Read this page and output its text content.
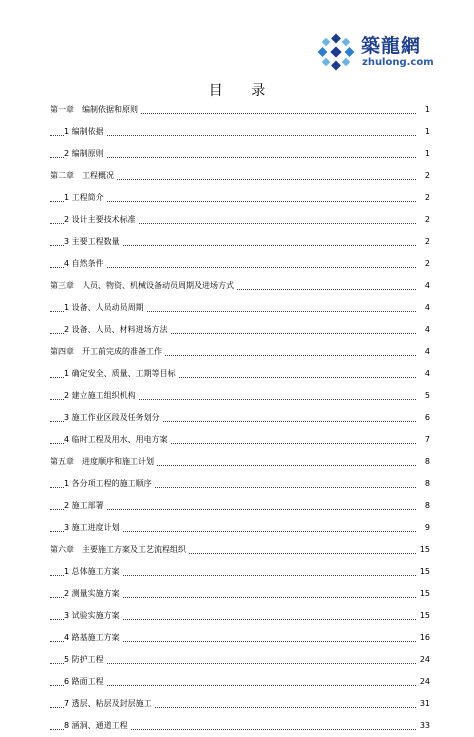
築龍網
zhulong.com
目 录
第一章 编制依据和原则	1
1 编制依据	1
2 编制原则	1
第二章 工程概况	2
1 工程简介	2
2 设计主要技术标准	2
3 主要工程数量	2
4 自然条件	2
第三章 人员、物资、机械设备动员周期及进场方式	4
1 设备、人员动员周期	4
2 设备、人员、材料进场方法	4
第四章 开工前完成的准备工作	4
1 确定安全、质量、工期等目标	4
2 建立施工组织机构	5
3 施工作业区段及任务划分	6
4 临时工程及用水、用电方案	7
第五章 进度顺序和施工计划	8
1 各分项工程的施工顺序	8
2 施工部署	8
3 施工进度计划	9
第六章 主要施工方案及工艺流程组织	15
1 总体施工方案	15
2 测量实施方案	15
3 试验实施方案	15
4 路基施工方案	16
5 防护工程	24
6 路面工程	24
7 透层、粘层及封层施工	31
8 涵洞、通道工程	33
